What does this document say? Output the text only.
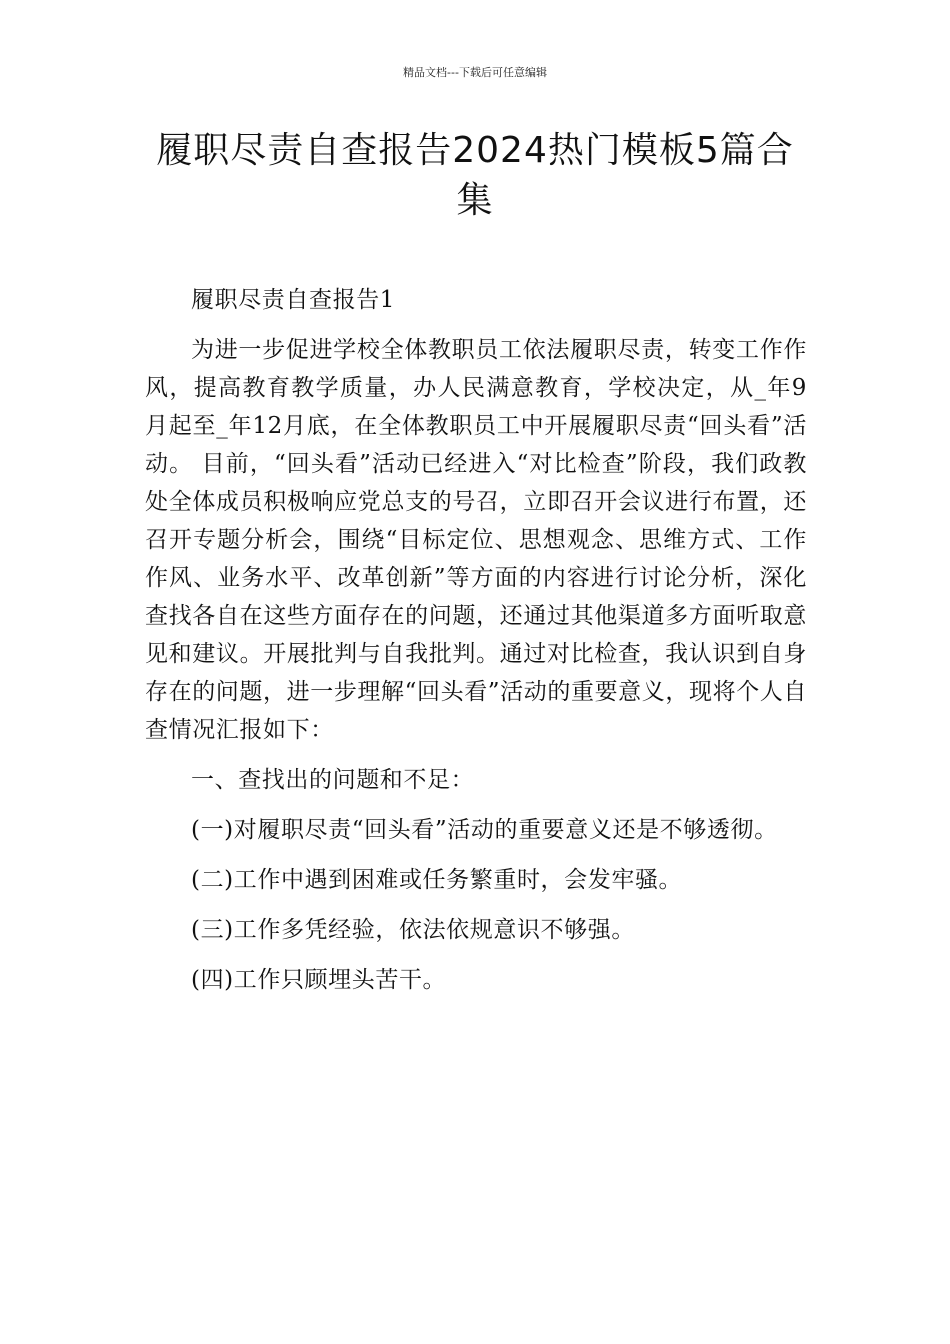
精品文档---下载后可任意编辑
履职尽责自查报告2024热门模板5篇合集

履职尽责自查报告1

为进一步促进学校全体教职员工依法履职尽责，转变工作作风，提高教育教学质量，办人民满意教育，学校决定，从_年9月起至_年12月底，在全体教职员工中开展履职尽责“回头看”活动。 目前，“回头看”活动已经进入“对比检查”阶段，我们政教处全体成员积极响应党总支的号召，立即召开会议进行布置，还召开专题分析会，围绕“目标定位、思想观念、思维方式、工作作风、业务水平、改革创新”等方面的内容进行讨论分析，深化查找各自在这些方面存在的问题，还通过其他渠道多方面听取意见和建议。开展批判与自我批判。通过对比检查，我认识到自身存在的问题，进一步理解“回头看”活动的重要意义，现将个人自查情况汇报如下：

一、查找出的问题和不足：

(一)对履职尽责“回头看”活动的重要意义还是不够透彻。

(二)工作中遇到困难或任务繁重时，会发牢骚。

(三)工作多凭经验，依法依规意识不够强。

(四)工作只顾埋头苦干。
